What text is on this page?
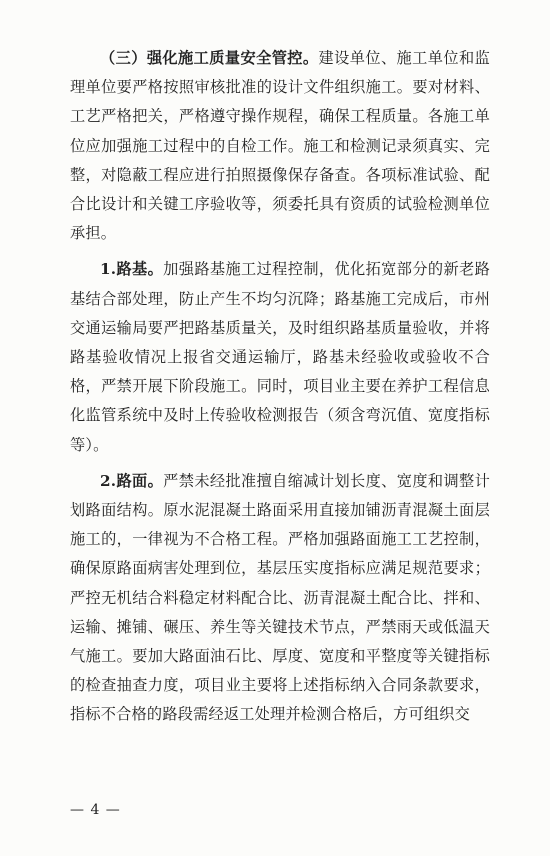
（三）强化施工质量安全管控。建设单位、施工单位和监理单位要严格按照审核批准的设计文件组织施工。要对材料、工艺严格把关，严格遵守操作规程，确保工程质量。各施工单位应加强施工过程中的自检工作。施工和检测记录须真实、完整，对隐蔽工程应进行拍照摄像保存备查。各项标准试验、配合比设计和关键工序验收等，须委托具有资质的试验检测单位承担。

1.路基。加强路基施工过程控制，优化拓宽部分的新老路基结合部处理，防止产生不均匀沉降；路基施工完成后，市州交通运输局要严把路基质量关，及时组织路基质量验收，并将路基验收情况上报省交通运输厅，路基未经验收或验收不合格，严禁开展下阶段施工。同时，项目业主要在养护工程信息化监管系统中及时上传验收检测报告（须含弯沉值、宽度指标等）。

2.路面。严禁未经批准擅自缩减计划长度、宽度和调整计划路面结构。原水泥混凝土路面采用直接加铺沥青混凝土面层施工的，一律视为不合格工程。严格加强路面施工工艺控制，确保原路面病害处理到位，基层压实度指标应满足规范要求；严控无机结合料稳定材料配合比、沥青混凝土配合比、拌和、运输、摊铺、碾压、养生等关键技术节点，严禁雨天或低温天气施工。要加大路面油石比、厚度、宽度和平整度等关键指标的检查抽查力度，项目业主要将上述指标纳入合同条款要求，指标不合格的路段需经返工处理并检测合格后，方可组织交

— 4 —
